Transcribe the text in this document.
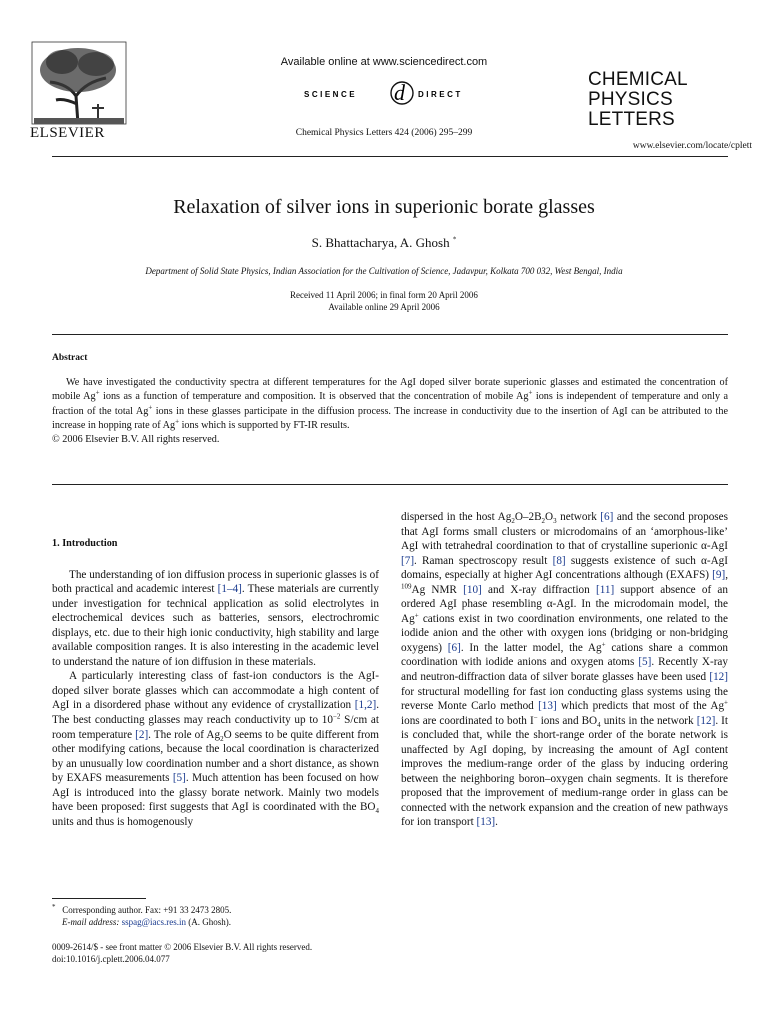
ELSEVIER
Available online at www.sciencedirect.com
SCIENCE d DIRECT
Chemical Physics Letters 424 (2006) 295–299
CHEMICAL
PHYSICS
LETTERS
www.elsevier.com/locate/cplett
Relaxation of silver ions in superionic borate glasses
S. Bhattacharya, A. Ghosh *
Department of Solid State Physics, Indian Association for the Cultivation of Science, Jadavpur, Kolkata 700 032, West Bengal, India
Received 11 April 2006; in final form 20 April 2006
Available online 29 April 2006
Abstract

We have investigated the conductivity spectra at different temperatures for the AgI doped silver borate superionic glasses and estimated the concentration of mobile Ag+ ions as a function of temperature and composition. It is observed that the concentration of mobile Ag+ ions is independent of temperature and only a fraction of the total Ag+ ions in these glasses participate in the diffusion process. The increase in conductivity due to the insertion of AgI can be attributed to the increase in hopping rate of Ag+ ions which is supported by FT-IR results.

© 2006 Elsevier B.V. All rights reserved.

1. Introduction

The understanding of ion diffusion process in superionic glasses is of both practical and academic interest [1–4]. These materials are currently under investigation for technical application as solid electrolytes in electrochemical devices such as batteries, sensors, electrochromic displays, etc. due to their high ionic conductivity, high stability and large available composition ranges. It is also interesting in the academic level to understand the nature of ion diffusion in these materials.

A particularly interesting class of fast-ion conductors is the AgI-doped silver borate glasses which can accommodate a high content of AgI in a disordered phase without any evidence of crystallization [1,2]. The best conducting glasses may reach conductivity up to $10^{-2}$ S/cm at room temperature [2]. The role of $Ag_2O$ seems to be quite different from other modifying cations, because the local coordination is characterized by an unusually low coordination number and a short distance, as shown by EXAFS measurements [5]. Much attention has been focused on how AgI is introduced into the glassy borate network. Mainly two models have been proposed: first suggests that AgI is coordinated with the $BO_4$ units and thus is homogenously

dispersed in the host $Ag_2O-2B_2O_3$ network [6] and the second proposes that AgI forms small clusters or microdomains of an ‘amorphous-like’ AgI with tetrahedral coordination to that of crystalline superionic α-AgI [7]. Raman spectroscopy result [8] suggests existence of such α-AgI domains, especially at higher AgI concentrations although (EXAFS) [9], $^{109}$Ag NMR [10] and X-ray diffraction [11] support absence of an ordered AgI phase resembling α-AgI. In the microdomain model, the Ag+ cations exist in two coordination environments, one related to the iodide anion and the other with oxygen ions (bridging or non-bridging oxygens) [6]. In the latter model, the Ag+ cations share a common coordination with iodide anions and oxygen atoms [5]. Recently X-ray and neutron-diffraction data of silver borate glasses have been used [12] for structural modelling for fast ion conducting glass systems using the reverse Monte Carlo method [13] which predicts that most of the Ag+ ions are coordinated to both I− ions and $BO_4$ units in the network [12]. It is concluded that, while the short-range order of the borate network is unaffected by AgI doping, by increasing the amount of AgI content improves the medium-range order of the glass by inducing ordering between the neighboring boron–oxygen chain segments. It is therefore proposed that the improvement of medium-range order in glass can be connected with the network expansion and the creation of new pathways for ion transport [13].

* Corresponding author. Fax: +91 33 2473 2805.
E-mail address: sspag@iacs.res.in (A. Ghosh).
0009-2614/$ - see front matter © 2006 Elsevier B.V. All rights reserved.
doi:10.1016/j.cplett.2006.04.077
